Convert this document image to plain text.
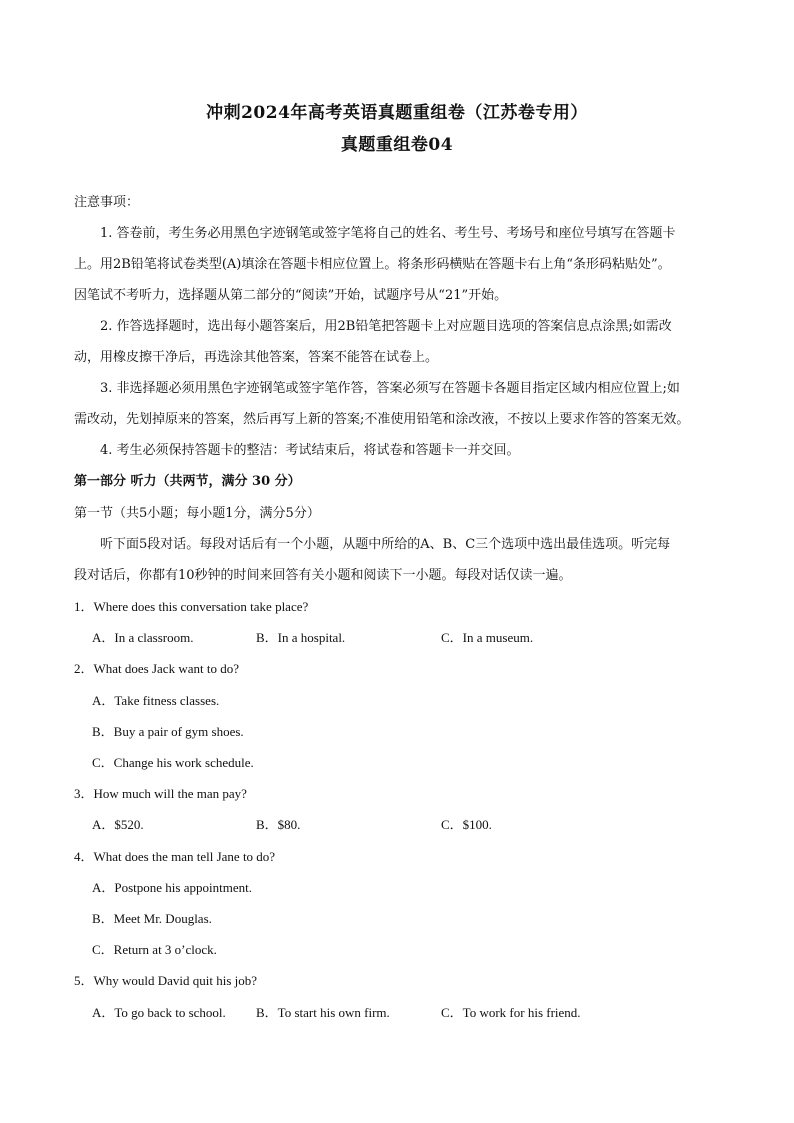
冲刺2024年高考英语真题重组卷（江苏卷专用）
真题重组卷04
注意事项：
1. 答卷前，考生务必用黑色字迹钢笔或签字笔将自己的姓名、考生号、考场号和座位号填写在答题卡
上。用2B铅笔将试卷类型(A)填涂在答题卡相应位置上。将条形码横贴在答题卡右上角“条形码粘贴处”。
因笔试不考听力，选择题从第二部分的“阅读”开始，试题序号从“21”开始。
2. 作答选择题时，选出每小题答案后，用2B铅笔把答题卡上对应题目选项的答案信息点涂黑;如需改
动，用橡皮擦干净后，再选涂其他答案，答案不能答在试卷上。
3. 非选择题必须用黑色字迹钢笔或签字笔作答，答案必须写在答题卡各题目指定区域内相应位置上;如
需改动，先划掉原来的答案，然后再写上新的答案;不准使用铅笔和涂改液，不按以上要求作答的答案无效。
4. 考生必须保持答题卡的整洁：考试结束后，将试卷和答题卡一并交回。
第一部分 听力（共两节，满分 30 分）
第一节（共5小题；每小题1分，满分5分）
听下面5段对话。每段对话后有一个小题，从题中所给的A、B、C三个选项中选出最佳选项。听完每
段对话后，你都有10秒钟的时间来回答有关小题和阅读下一小题。每段对话仅读一遍。
1．Where does this conversation take place?
A．In a classroom.	B．In a hospital.	C．In a museum.
2．What does Jack want to do?
A．Take fitness classes.
B．Buy a pair of gym shoes.
C．Change his work schedule.
3．How much will the man pay?
A．$520.	B．$80.	C．$100.
4．What does the man tell Jane to do?
A．Postpone his appointment.
B．Meet Mr. Douglas.
C．Return at 3 o’clock.
5．Why would David quit his job?
A．To go back to school. B．To start his own firm.	C．To work for his friend.
